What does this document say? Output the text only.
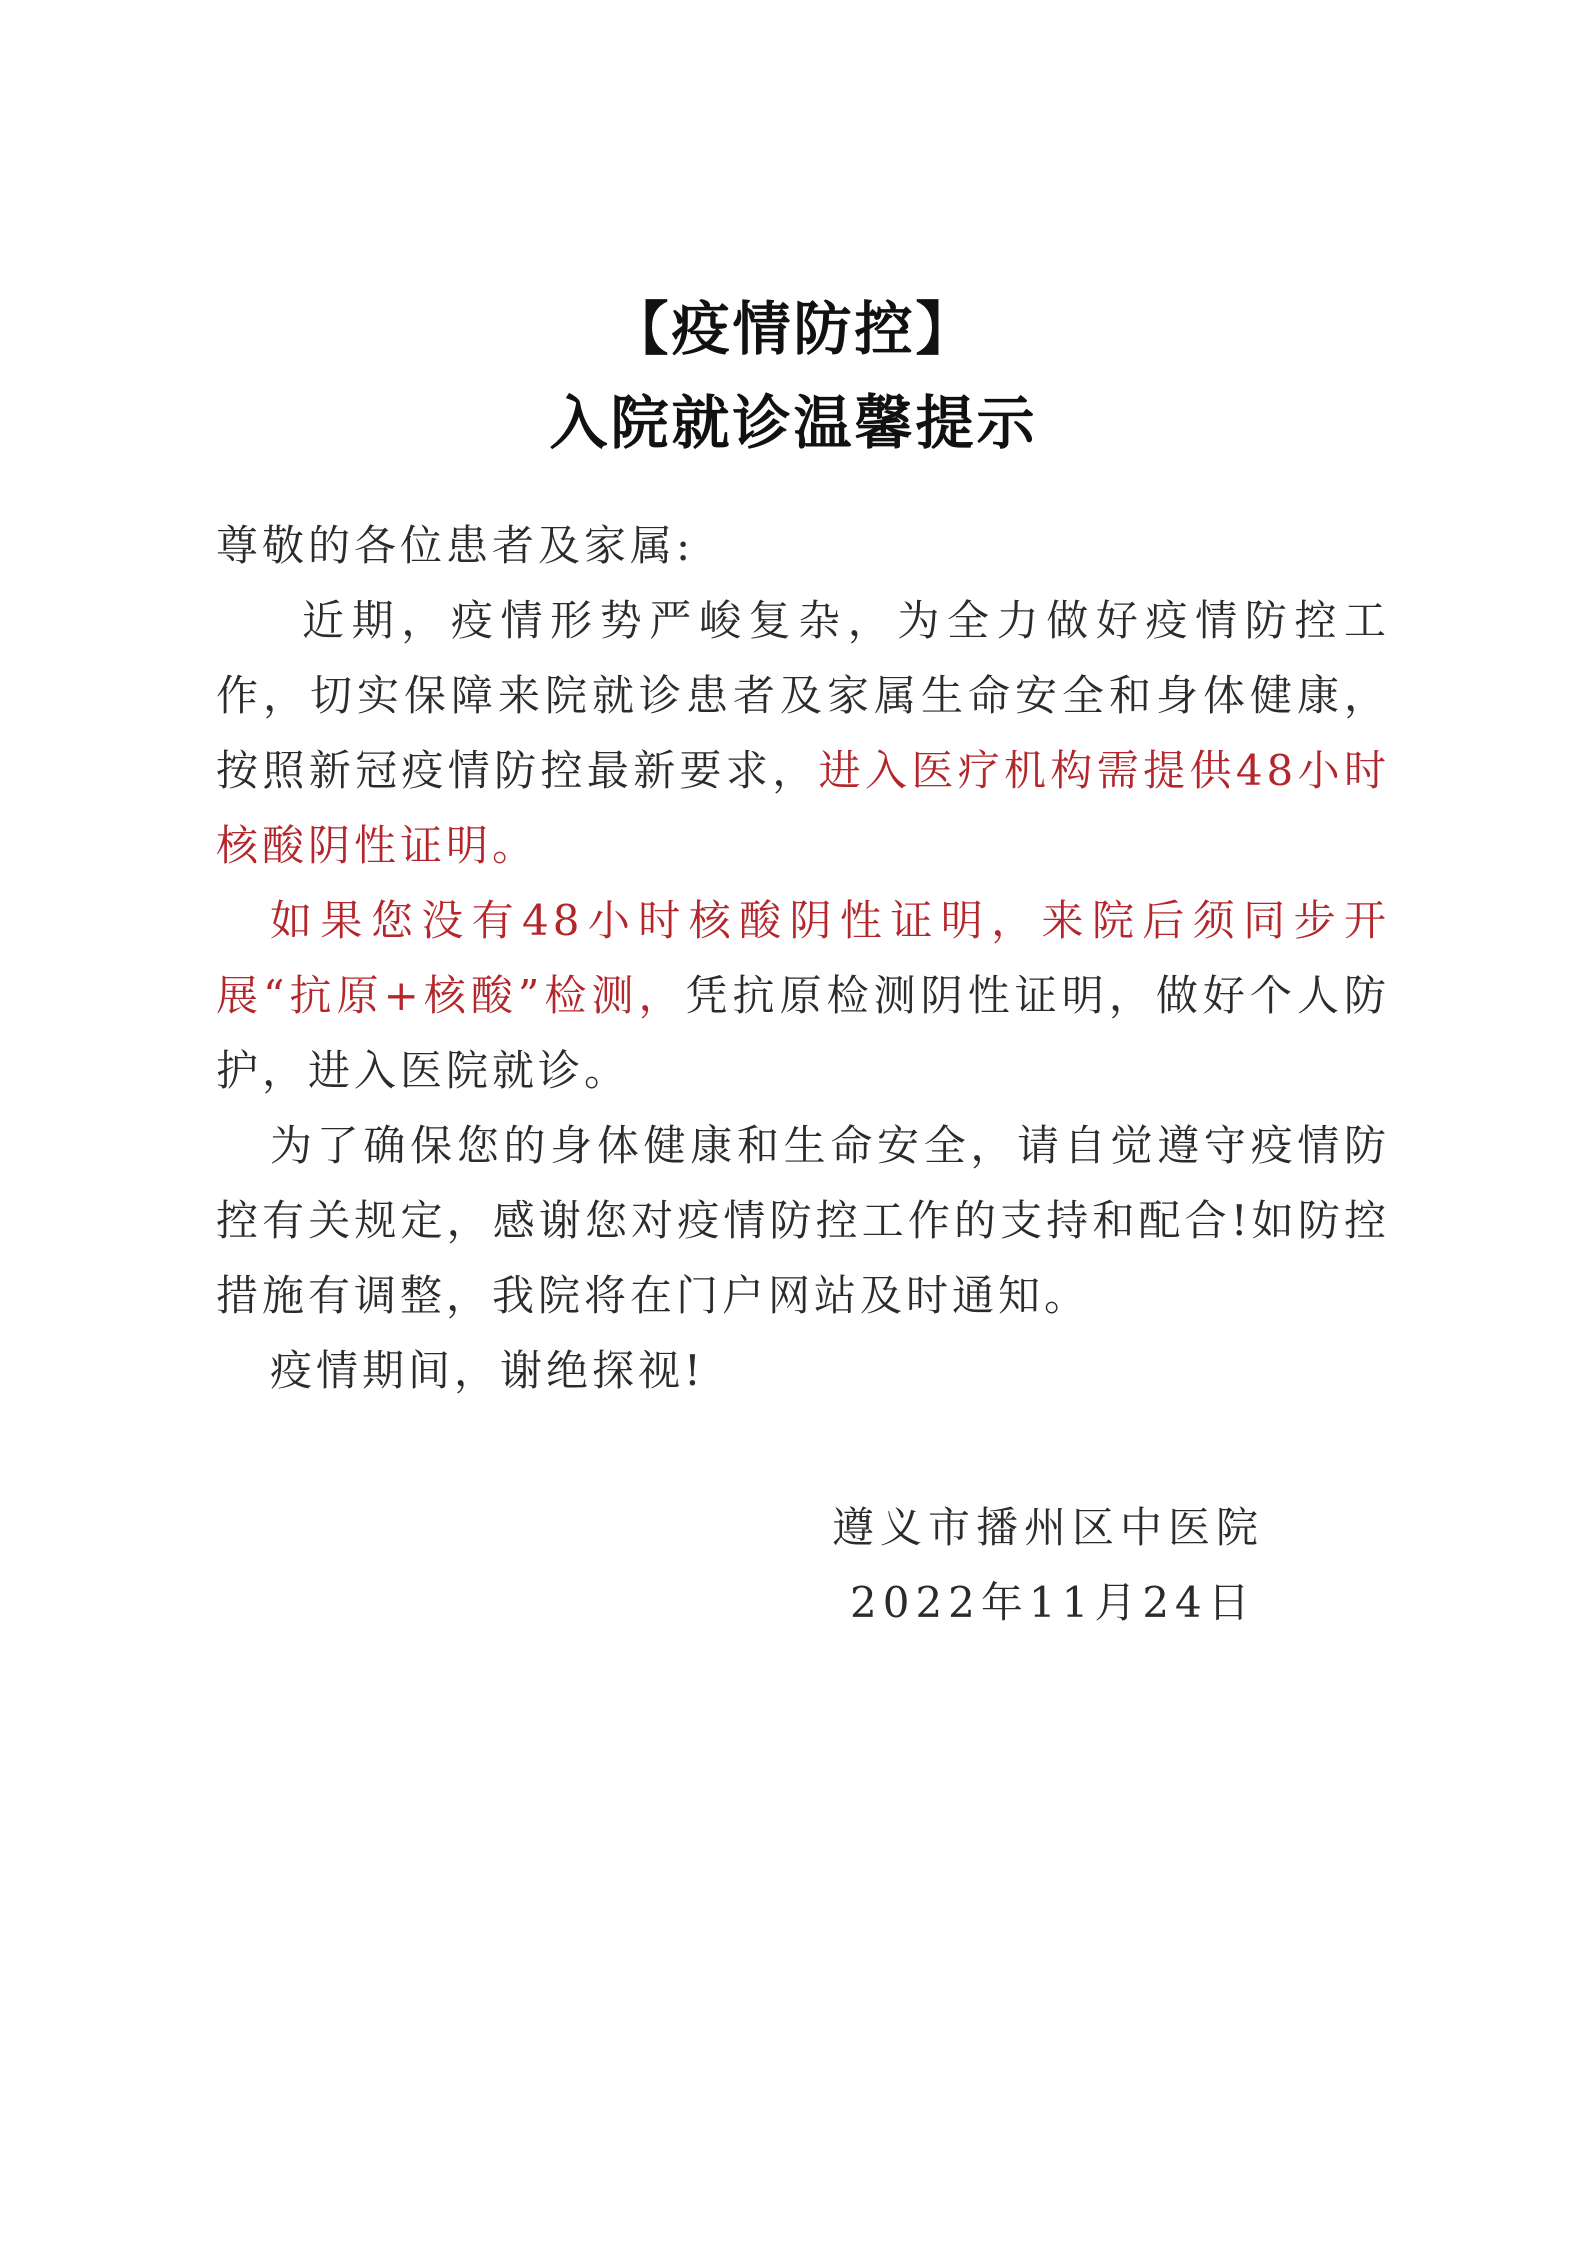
【疫情防控】
入院就诊温馨提示

尊敬的各位患者及家属:

近期，疫情形势严峻复杂，为全力做好疫情防控工作，切实保障来院就诊患者及家属生命安全和身体健康，按照新冠疫情防控最新要求，进入医疗机构需提供48小时核酸阴性证明。

如果您没有48小时核酸阴性证明，来院后须同步开展“抗原+核酸”检测，凭抗原检测阴性证明，做好个人防护，进入医院就诊。

为了确保您的身体健康和生命安全，请自觉遵守疫情防控有关规定，感谢您对疫情防控工作的支持和配合!如防控措施有调整，我院将在门户网站及时通知。

疫情期间，谢绝探视!

遵义市播州区中医院
2022年11月24日
